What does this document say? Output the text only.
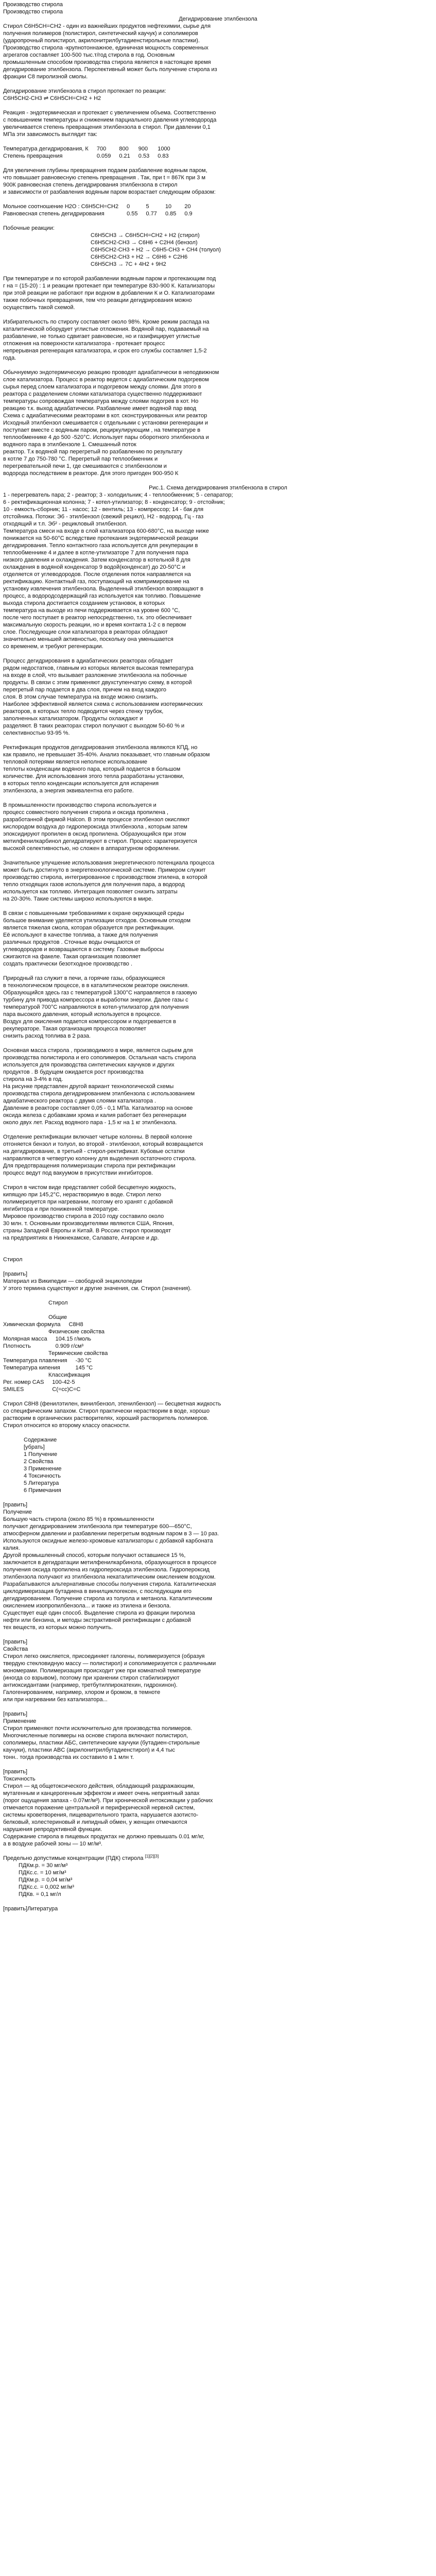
Производство стирола

Производство стирола

Дегидрирование этилбензола

Стирол C6H5CH=CH2 - один из важнейших продуктов нефтехимии, сырье для

получения полимеров (полистирол, синтетический каучук) и сополимеров

(ударопрочный полистирол, акрилонитрилбутадиенстирольные пластики).

Производство стирола -крупнотоннажное, единичная мощность современных

агрегатов составляет 100-500 тыс.т/год стирола в год. Основным

промышленным способом производства стирола является в настоящее время

дегидрирование этилбензола. Перспективный может быть получение стирола из

фракции C8 пиролизной смолы.

Дегидрирование этилбензола в стирол протекает по реакции:

C6H5CH2-CH3 ⇌ C6H5CH=CH2 + H2

Реакция - эндотермическая и протекает с увеличением объема. Соответственно

с повышением температуры и снижением парциального давления углеводорода

увеличивается степень превращения этилбензола в стирол. При давлении 0,1

МПа эти зависимость выглядит так:

Температура дегидрирования, К	700	800	900	1000
Степень превращения	0.059	0.21	0.53	0.83

Для увеличения глубины превращения подаем разбавление водяным паром,

что повышает равновесную степень превращения . Так, при t = 867К при 3 м

900К равновесная степень дегидрирования этилбензола в стирол

и зависимости от разбавления водяным паром возрастает следующим образом:

Мольное соотношение H2O : C6H5CH=CH2	0	5	10	20
Равновесная степень дегидрирования	0.55	0.77	0.85	0.9

Побочные реакции:

C6H5CH3 → C6H5CH=CH2 + H2 (стирол)

C6H5CH2-CH3 → C6H6 + C2H4 (бензол)

C6H5CH2-CH3 + H2 → C6H5-CH3 + CH4 (толуол)

C6H5CH2-CH3 + H2 → C6H6 + C2H6

C6H5CH3 → 7C + 4H2 + 9H2

При температуре и по которой разбавлении водяным паром и протекающим под

г на = (15-20) : 1 и реакции протекает при температуре 830-900 К. Катализаторы

при этой реакции не работают при водном в добавлении К и О. Катализаторами

также побочных превращения, тем что реакции дегидрирования можно

осуществить такой схемой.

Избирательность по стиролу составляет около 98%. Кроме режим распада на

каталитической оборудует углистые отложения. Водяной пар, подаваемый на

разбавление, не только сдвигает равновесие, но и газифицирует углистые

отложения на поверхности катализатора - протекает процесс

непрерывная регенерация катализатора, и срок его службы составляет 1,5-2

года.

Обычнуемую эндотермическую реакцию проводят адиабатически в неподвижном

слое катализатора. Процесс в реактор ведется с адиабатическим подогревом

сырья перед слоем катализатора и подогревом между слоями. Для этого в

реактора с разделением слоями катализатора существенно поддерживают

температуры сопровождая температура между слоями подогрев в кот. Но

реакцию т.к. выход адиабатически. Разбавление имеет водяной пар ввод

Схема с адиабатическими реакторами в кот. сконструированных или реактор

Исходный этилбензол смешивается с отдельными с установки регенерации и

поступает вместе с водяным паром, рециркулирующим , на температуре в

теплообменнике 4 до 500 -520°С. Использует пары оборотного этилбензола и

водяного пара в этилбензоле 1. Смешанный поток

реактор. Т.к водяной пар перегретый по разбавлению по результату

в котле 7 до 750-780 °С. Перегретый пар теплообменник и

перегревательной печи 1, где смешиваются с этилбензолом и

водорода последствием в реакторе. Для этого пригоден 900-950 К

Рис.1. Схема дегидрирования этилбензола в стирол

1 - перегреватель пара; 2 - реактор; 3 - холодильник; 4 - теплообменник; 5 - сепаратор;

6 - ректификационная колонна; 7 - котел-утилизатор; 8 - конденсатор; 9 - отстойник;

10 - емкость-сборник; 11 - насос; 12 - вентиль; 13 - компрессор; 14 - бак для

отстойника. Потоки: Эб - этилбензол (свежий рецикл), Н2 - водород, Гц - газ

отходящий и т.п. Эб² - рецикловый этилбензол.

Температура смеси на входе в слой катализатора 600-680°С, на выходе ниже

понижается на 50-60°С вследствие протекания эндотермической реакции

дегидрирования. Тепло контактного газа используется для рекуперации в

теплообменнике 4 и далее в котле-утилизаторе 7 для получения пара

низкого давления и охлаждения. Затем конденсатор в котельной 8 для

охлаждения в водяной конденсатор 9 водой(конденсат) до 20-50°С и

отделяется от углеводородов. После отделения поток направляется на

ректификацию. Контактный газ, поступающий на компримирование на

установку извлечения этилбензола. Выделенный этилбензол возвращают в

процесс, а водородсодержащий газ используется как топливо. Повышение

выхода стирола достигается созданием установок, в которых

температура на выходе из печи поддерживается на уровне 600 °С,

после чего поступает в реактор непосредственно, т.к. это обеспечивает

максимальную скорость реакции, но и время контакта 1-2 с в первом

слое. Последующие слои катализатора в реакторах обладают

значительно меньшей активностью, поскольку она уменьшается

со временем, и требуют регенерации.

Процесс дегидрирования в адиабатических реакторах обладает

рядом недостатков, главным из которых является высокая температура

на входе в слой, что вызывает разложение этилбензола на побочные

продукты. В связи с этим применяют двухступенчатую схему, в которой

перегретый пар подается в два слоя, причем на вход каждого

слоя. В этом случае температура на входе можно снизить.

Наиболее эффективной является схема с использованием изотермических

реакторов, в которых тепло подводится через стенку трубок,

заполненных катализатором. Продукты охлаждают и

разделяют. В таких реакторах стирол получают с выходом 50-60 % и

селективностью 93-95 %.

Ректификация продуктов дегидрирования этилбензола являются КПД, но

как правило, не превышает 35-40%. Анализ показывает, что главным образом

тепловой потерями является неполное использование

теплоты конденсации водяного пара, который подается в большом

количестве. Для использования этого тепла разработаны установки,

в которых тепло конденсации используется для испарения

этилбензола, а энергия эквивалентна его работе.

В промышленности производство стирола используется и

процесс совместного получения стирола и оксида пропилена ,

разработанной фирмой Halcon. В этом процессе этилбензол окисляют

кислородом воздуха до гидропероксида этилбензола , которым затем

эпоксидируют пропилен в оксид пропилена. Образующийся при этом

метилфенилкарбинол дегидратируют в стирол. Процесс характеризуется

высокой селективностью, но сложен в аппаратурном оформлении.

Значительное улучшение использования энергетического потенциала процесса

может быть достигнуто в энергетехнологической системе. Примером служит

производство стирола, интегрированное с производством этилена, в которой

тепло отходящих газов используется для получения пара, а водород

используется как топливо. Интеграция позволяет снизить затраты

на 20-30%. Такие системы широко используются в мире.

В связи с повышенными требованиями к охране окружающей среды

большое внимание уделяется утилизации отходов. Основным отходом

является тяжелая смола, которая образуется при ректификации.

Её используют в качестве топлива, а также для получения

различных продуктов . Сточные воды очищаются от

углеводородов и возвращаются в систему. Газовые выбросы

сжигаются на факеле. Такая организация позволяет

создать практически безотходное производство .

Природный газ служит в печи, а горячие газы, образующиеся

в технологическом процессе, в в каталитическом реакторе окисления.

Образующийся здесь газ с температурой 1300°С направляется в газовую

турбину для привода компрессора и выработки энергии. Далее газы с

температурой 700°С направляются в котел-утилизатор для получения

пара высокого давления, который используется в процессе.

Воздух для окисления подается компрессором и подогревается в

рекуператоре. Такая организация процесса позволяет

снизить расход топлива в 2 раза.

Основная масса стирола , производимого в мире, является сырьем для

производства полистирола и его сополимеров. Остальная часть стирола

используется для производства синтетических каучуков и других

продуктов . В будущем ожидается рост производства

стирола на 3-4% в год.

На рисунке представлен другой вариант технологической схемы

производства стирола дегидрированием этилбензола с использованием

адиабатического реактора с двумя слоями катализатора .

Давление в реакторе составляет 0,05 - 0,1 МПа. Катализатор на основе

оксида железа с добавками хрома и калия работает без регенерации

около двух лет. Расход водяного пара - 1,5 кг на 1 кг этилбензола.

Отделение ректификации включает четыре колонны. В первой колонне

отгоняется бензол и толуол, во второй - этилбензол, который возвращается

на дегидрирование, в третьей - стирол-ректификат. Кубовые остатки

направляются в четвертую колонну для выделения остаточного стирола.

Для предотвращения полимеризации стирола при ректификации

процесс ведут под вакуумом в присутствии ингибиторов.

Стирол в чистом виде представляет собой бесцветную жидкость,

кипящую при 145,2°С, нерастворимую в воде. Стирол легко

полимеризуется при нагревании, поэтому его хранят с добавкой

ингибитора и при пониженной температуре.

Мировое производство стирола в 2010 году составило около

30 млн. т. Основными производителями являются США, Япония,

страны Западной Европы и Китай. В России стирол производят

на предприятиях в Нижнекамске, Салавате, Ангарске и др.

Стирол

[править]

Материал из Википедии — свободной энциклопедии

У этого термина существуют и другие значения, см. Стирол (значения).

Стирол

Общие

Химическая формула	C8H8

Физические свойства

Молярная масса	104.15 г/моль
Плотность	0.909 г/см³

Термические свойства

Температура плавления	-30 °C
Температура кипения	145 °C

Классификация

Рег. номер CAS	100-42-5
SMILES	C(=cc)C=C

Стирол C8H8 (фенилэтилен, винилбензол, этенилбензол) — бесцветная жидкость

со специфическим запахом. Стирол практически нерастворим в воде, хорошо

растворим в органических растворителях, хороший растворитель полимеров.

Стирол относится ко второму классу опасности.

Содержание

[убрать]

1 Получение

2 Свойства

3 Применение

4 Токсичность

5 Литература

6 Примечания

[править]

Получение

Большую часть стирола (около 85 %) в промышленности

получают дегидрированием этилбензола при температуре 600—650°C,

атмосферном давлении и разбавлении перегретым водяным паром в 3 — 10 раз.

Используются оксидные железо-хромовые катализаторы с добавкой карбоната

калия.

Другой промышленный способ, которым получают оставшиеся 15 %,

заключается в дегидратации метилфенилкарбинола, образующегося в процессе

получения оксида пропилена из гидропероксида этилбензола. Гидропероксид

этилбензола получают из этилбензола некаталитическим окислением воздухом.

Разрабатываются альтернативные способы получения стирола. Каталитическая

циклодимеризация бутадиена в винилциклогексен, с последующим его

дегидрированием. Получение стирола из толуола и метанола. Каталитическим

окислением изопропилбензола... и также из этилена и бензола.

Существует ещё один способ. Выделение стирола из фракции пиролиза

нефти или бензина, и методы экстрактивной ректификации с добавкой

тех веществ, из которых можно получить.

[править]

Свойства

Стирол легко окисляется, присоединяет галогены, полимеризуется (образуя

твердую стекловидную массу — полистирол) и сополимеризуется с различными

мономерами. Полимеризация происходит уже при комнатной температуре

(иногда со взрывом), поэтому при хранении стирол стабилизируют

антиоксидантами (например, третбутилпирокатехин, гидрохинон).

Галогенированием, например, хлором и бромом, в темноте

или при нагревании без катализатора...

[править]

Применение

Стирол применяют почти исключительно для производства полимеров.

Многочисленные полимеры на основе стирола включают полистирол,

сополимеры, пластики АБС, синтетические каучуки (бутадиен-стирольные

каучуки), пластики ABC (акрилонитрилбутадиенстирол) и 4,4 тыс

тонн.. тогда производства их составило в 1 млн т.

[править]

Токсичность

Стирол — яд общетоксического действия, обладающий раздражающим,

мутагенным и канцерогенным эффектом и имеет очень неприятный запах

(порог ощущения запаха - 0.07мг/м³). При хронической интоксикации у рабочих

отмечается поражение центральной и периферической нервной систем,

системы кроветворения, пищеварительного тракта, нарушается азотисто-

белковый, холестериновый и липидный обмен, у женщин отмечаются

нарушения репродуктивной функции.

Содержание стирола в пищевых продуктах не должно превышать 0.01 мг/кг,

а в воздухе рабочей зоны — 10 мг/м³.

Предельно допустимые концентрации (ПДК) стирола [1][2][3]

ПДКм.р. = 30 мг/м³

ПДКс.с. = 10 мг/м³

ПДКм.р. = 0,04 мг/м³

ПДКс.с. = 0,002 мг/м³

ПДКв. = 0,1 мг/л

[править]Литература
